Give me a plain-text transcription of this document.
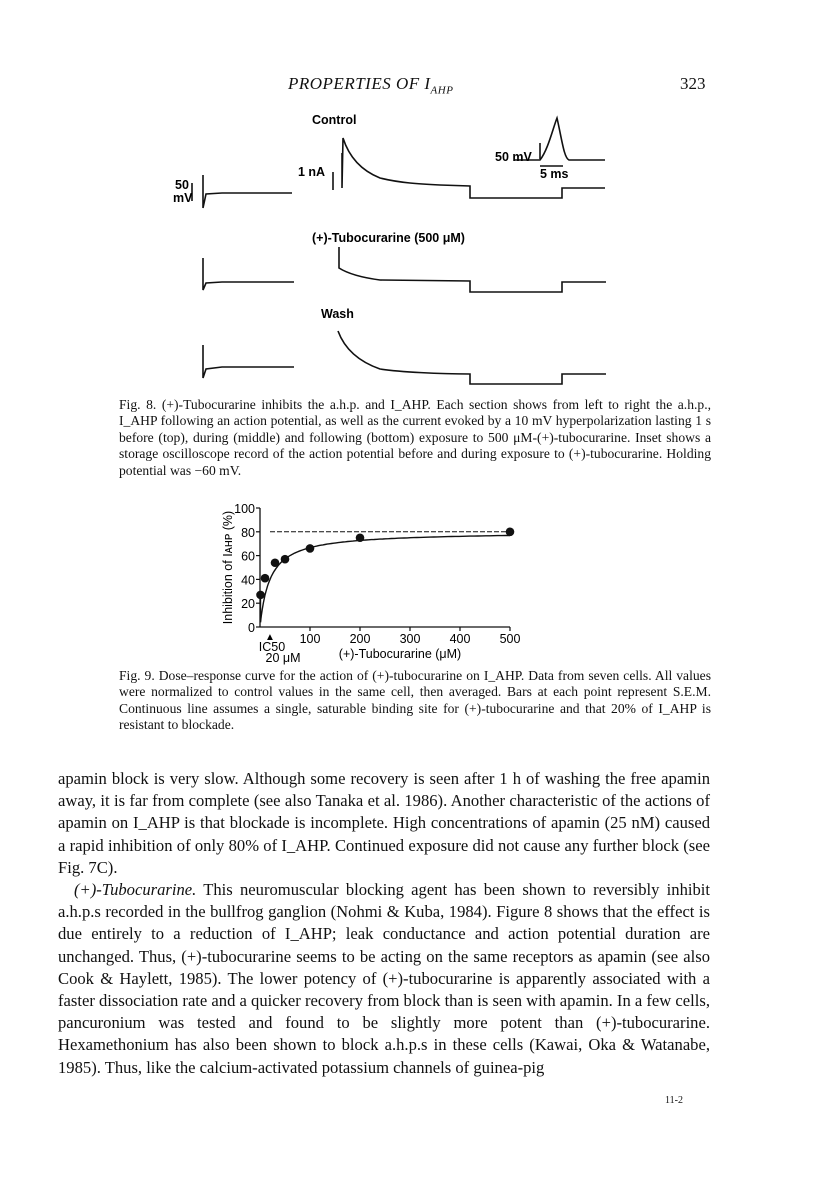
PROPERTIES OF $I_{AHP}$	323
50
mV
1 nA
50 mV
5 ms
Control
(+)-Tubocurarine (500 μM)
Wash

Fig. 8. (+)-Tubocurarine inhibits the a.h.p. and I_AHP. Each section shows from left to right the a.h.p., I_AHP following an action potential, as well as the current evoked by a 10 mV hyperpolarization lasting 1 s before (top), during (middle) and following (bottom) exposure to 500 μM-(+)-tubocurarine. Inset shows a storage oscilloscope record of the action potential before and during exposure to (+)-tubocurarine. Holding potential was −60 mV.

0
20
40
60
80
100
100 200 300 400 500
Inhibition of Iᴀʜᴘ (%)
(+)-Tubocurarine (μM)
▲
IC50
20 μM

Fig. 9. Dose–response curve for the action of (+)-tubocurarine on I_AHP. Data from seven cells. All values were normalized to control values in the same cell, then averaged. Bars at each point represent S.E.M. Continuous line assumes a single, saturable binding site for (+)-tubocurarine and that 20% of I_AHP is resistant to blockade.

apamin block is very slow. Although some recovery is seen after 1 h of washing the free apamin away, it is far from complete (see also Tanaka et al. 1986). Another characteristic of the actions of apamin on I_AHP is that blockade is incomplete. High concentrations of apamin (25 nM) caused a rapid inhibition of only 80% of I_AHP. Continued exposure did not cause any further block (see Fig. 7C).

(+)-Tubocurarine. This neuromuscular blocking agent has been shown to reversibly inhibit a.h.p.s recorded in the bullfrog ganglion (Nohmi & Kuba, 1984). Figure 8 shows that the effect is due entirely to a reduction of I_AHP; leak conductance and action potential duration are unchanged. Thus, (+)-tubocurarine seems to be acting on the same receptors as apamin (see also Cook & Haylett, 1985). The lower potency of (+)-tubocurarine is apparently associated with a faster dissociation rate and a quicker recovery from block than is seen with apamin. In a few cells, pancuronium was tested and found to be slightly more potent than (+)-tubocurarine. Hexamethonium has also been shown to block a.h.p.s in these cells (Kawai, Oka & Watanabe, 1985). Thus, like the calcium-activated potassium channels of guinea-pig

11-2
